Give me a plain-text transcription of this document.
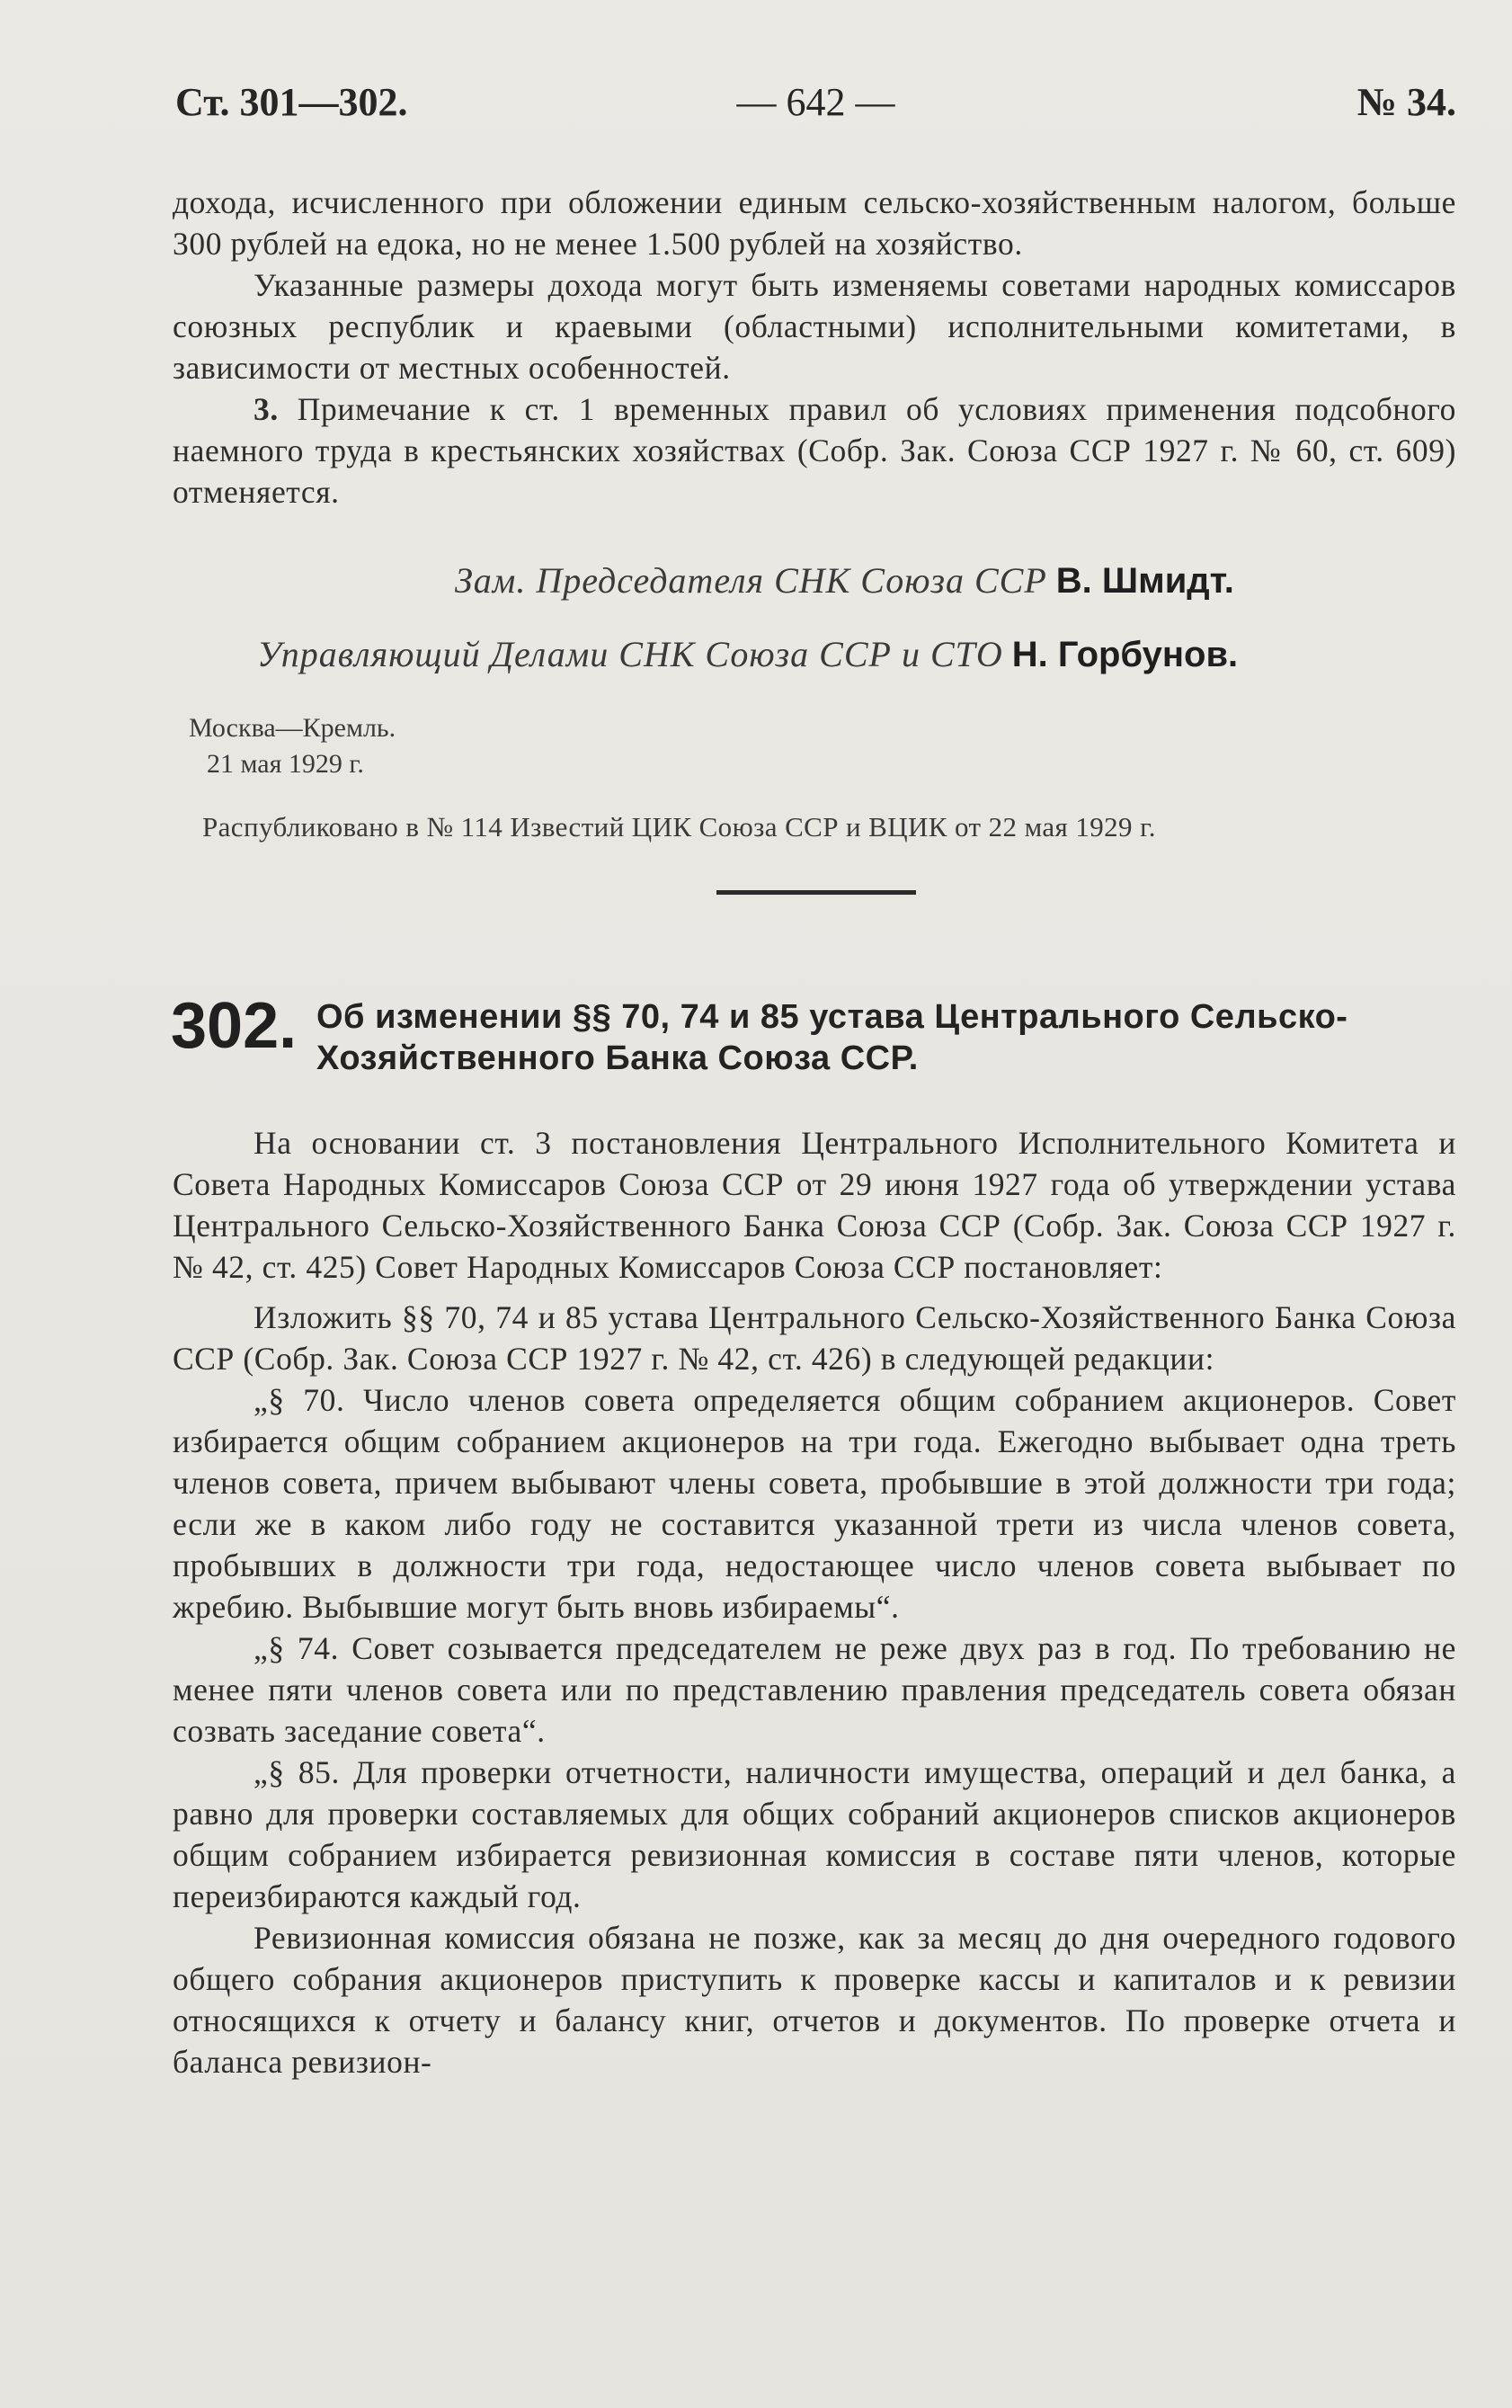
Ст. 301—302.	— 642 —	№ 34.

дохода, исчисленного при обложении единым сельско-хозяйственным налогом, больше 300 рублей на едока, но не менее 1.500 рублей на хозяйство.

Указанные размеры дохода могут быть изменяемы советами народных комиссаров союзных республик и краевыми (областными) исполнительными комитетами, в зависимости от местных особенностей.

3. Примечание к ст. 1 временных правил об условиях применения подсобного наемного труда в крестьянских хозяйствах (Собр. Зак. Союза ССР 1927 г. № 60, ст. 609) отменяется.

Зам. Председателя СНК Союза ССР В. Шмидт.
Управляющий Делами СНК Союза ССР и СТО Н. Горбунов.
Москва—Кремль.
21 мая 1929 г.
Распубликовано в № 114 Известий ЦИК Союза ССР и ВЦИК от 22 мая 1929 г.
302. Об изменении §§ 70, 74 и 85 устава Центрального Сельско-Хозяйственного Банка Союза ССР.

На основании ст. 3 постановления Центрального Исполнительного Комитета и Совета Народных Комиссаров Союза ССР от 29 июня 1927 года об утверждении устава Центрального Сельско-Хозяйственного Банка Союза ССР (Собр. Зак. Союза ССР 1927 г. № 42, ст. 425) Совет Народных Комиссаров Союза ССР постановляет:

Изложить §§ 70, 74 и 85 устава Центрального Сельско-Хозяйственного Банка Союза ССР (Собр. Зак. Союза ССР 1927 г. № 42, ст. 426) в следующей редакции:

„§ 70. Число членов совета определяется общим собранием акционеров. Совет избирается общим собранием акционеров на три года. Ежегодно выбывает одна треть членов совета, причем выбывают члены совета, пробывшие в этой должности три года; если же в каком либо году не составится указанной трети из числа членов совета, пробывших в должности три года, недостающее число членов совета выбывает по жребию. Выбывшие могут быть вновь избираемы“.

„§ 74. Совет созывается председателем не реже двух раз в год. По требованию не менее пяти членов совета или по представлению правления председатель совета обязан созвать заседание совета“.

„§ 85. Для проверки отчетности, наличности имущества, операций и дел банка, а равно для проверки составляемых для общих собраний акционеров списков акционеров общим собранием избирается ревизионная комиссия в составе пяти членов, которые переизбираются каждый год.

Ревизионная комиссия обязана не позже, как за месяц до дня очередного годового общего собрания акционеров приступить к проверке кассы и капиталов и к ревизии относящихся к отчету и балансу книг, отчетов и документов. По проверке отчета и баланса ревизион-
